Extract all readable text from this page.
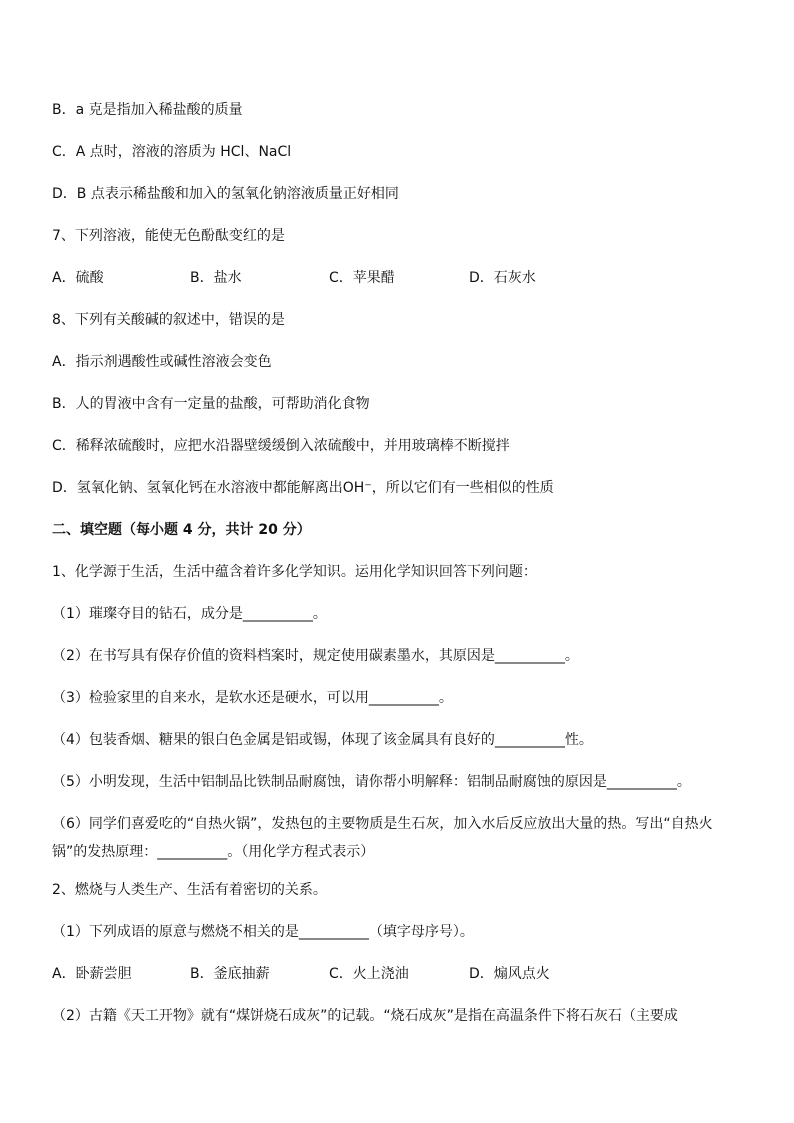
B．a 克是指加入稀盐酸的质量
C．A 点时，溶液的溶质为 HCl、NaCl
D．B 点表示稀盐酸和加入的氢氧化钠溶液质量正好相同
7、下列溶液，能使无色酚酞变红的是
A．硫酸	B．盐水	C．苹果醋	D．石灰水
8、下列有关酸碱的叙述中，错误的是
A．指示剂遇酸性或碱性溶液会变色
B．人的胃液中含有一定量的盐酸，可帮助消化食物
C．稀释浓硫酸时，应把水沿器壁缓缓倒入浓硫酸中，并用玻璃棒不断搅拌
D．氢氧化钠、氢氧化钙在水溶液中都能解离出OH⁻，所以它们有一些相似的性质
二、填空题（每小题 4 分，共计 20 分）
1、化学源于生活，生活中蕴含着许多化学知识。运用化学知识回答下列问题：
（1）璀璨夺目的钻石，成分是__________。
（2）在书写具有保存价值的资料档案时，规定使用碳素墨水，其原因是__________。
（3）检验家里的自来水，是软水还是硬水，可以用__________。
（4）包装香烟、糖果的银白色金属是铝或锡，体现了该金属具有良好的__________性。
（5）小明发现，生活中铝制品比铁制品耐腐蚀，请你帮小明解释：铝制品耐腐蚀的原因是__________。
（6）同学们喜爱吃的“自热火锅”，发热包的主要物质是生石灰，加入水后反应放出大量的热。写出“自热火锅”的发热原理：__________。（用化学方程式表示）
2、燃烧与人类生产、生活有着密切的关系。
（1）下列成语的原意与燃烧不相关的是__________（填字母序号）。
A．卧薪尝胆	B．釜底抽薪	C．火上浇油	D．煽风点火
（2）古籍《天工开物》就有“煤饼烧石成灰”的记载。“烧石成灰”是指在高温条件下将石灰石（主要成
